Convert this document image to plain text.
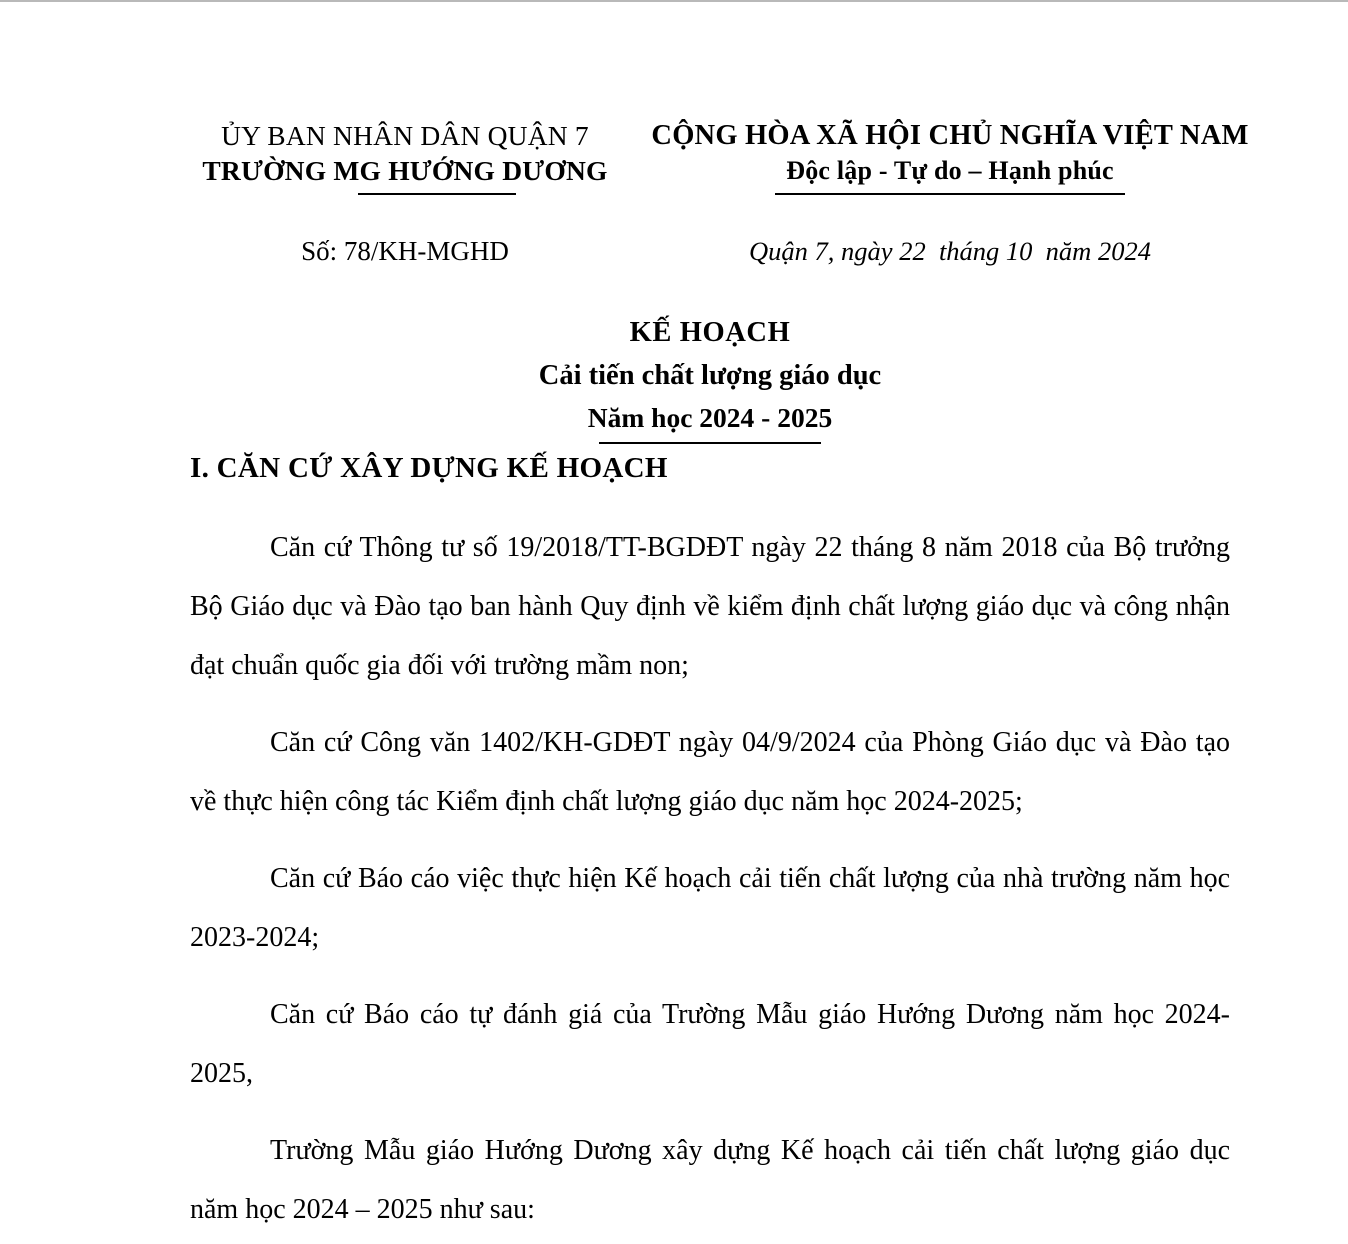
ỦY BAN NHÂN DÂN QUẬN 7
TRƯỜNG MG HƯỚNG DƯƠNG
CỘNG HÒA XÃ HỘI CHỦ NGHĨA VIỆT NAM
Độc lập - Tự do – Hạnh phúc
Số: 78/KH-MGHD	Quận 7, ngày 22  tháng 10  năm 2024
KẾ HOẠCH
Cải tiến chất lượng giáo dục
Năm học 2024 - 2025
I. CĂN CỨ XÂY DỰNG KẾ HOẠCH

Căn cứ Thông tư số 19/2018/TT-BGDĐT ngày 22 tháng 8 năm 2018 của Bộ trưởng Bộ Giáo dục và Đào tạo ban hành Quy định về kiểm định chất lượng giáo dục và công nhận đạt chuẩn quốc gia đối với trường mầm non;

Căn cứ Công văn 1402/KH-GDĐT ngày 04/9/2024 của Phòng Giáo dục và Đào tạo về thực hiện công tác Kiểm định chất lượng giáo dục năm học 2024-2025;

Căn cứ Báo cáo việc thực hiện Kế hoạch cải tiến chất lượng của nhà trường năm học 2023-2024;

Căn cứ Báo cáo tự đánh giá của Trường Mẫu giáo Hướng Dương năm học 2024- 2025,

Trường Mẫu giáo Hướng Dương xây dựng Kế hoạch cải tiến chất lượng giáo dục năm học 2024 – 2025 như sau:
